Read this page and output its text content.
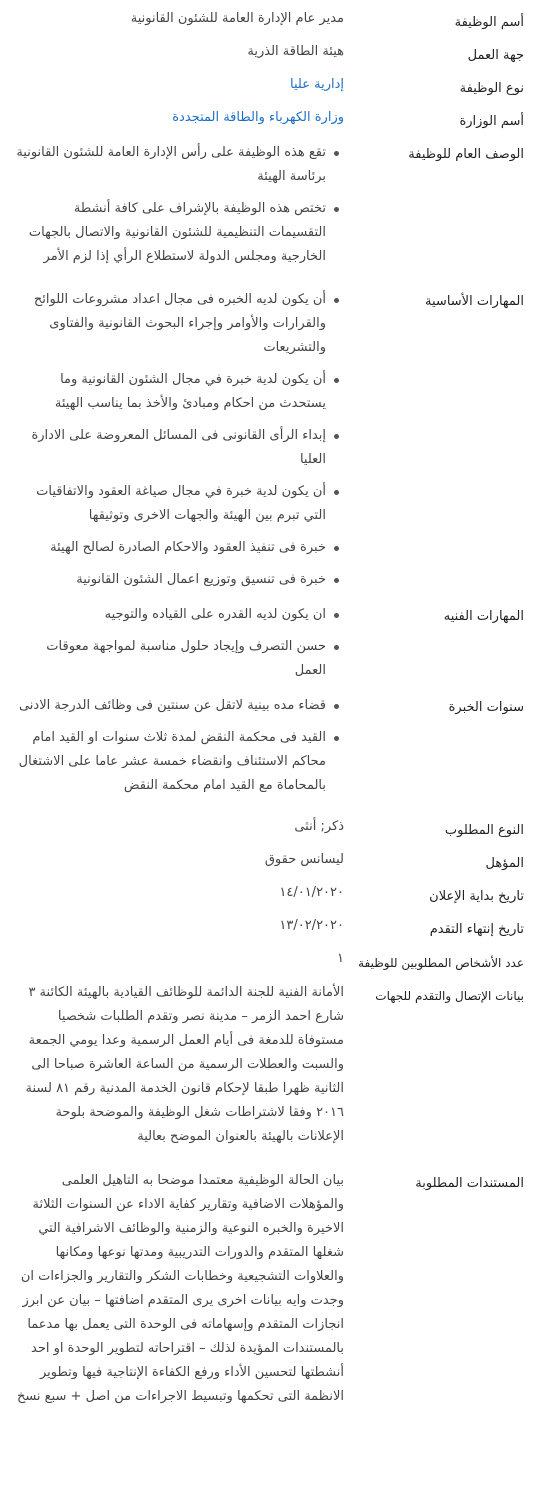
أسم الوظيفة
مدير عام الإدارة العامة للشئون القانونية
جهة العمل
هيئة الطاقة الذرية
نوع الوظيفة
إدارية عليا
أسم الوزارة
وزارة الكهرباء والطاقة المتجددة
الوصف العام للوظيفة
تقع هذه الوظيفة على رأس الإدارة العامة للشئون القانونية برئاسة الهيئة
تختص هذه الوظيفة بالإشراف على كافة أنشطة التقسيمات التنظيمية للشئون القانونية والاتصال بالجهات الخارجية ومجلس الدولة لاستطلاع الرأي إذا لزم الأمر
المهارات الأساسية
أن يكون لديه الخبره فى مجال اعداد مشروعات اللوائح والقرارات والأوامر وإجراء البحوث القانونية والفتاوى والتشريعات
أن يكون لدية خبرة في مجال الشئون القانونية وما يستحدث من احكام ومبادئ والأخذ بما يناسب الهيئة
إبداء الرأى القانونى فى المسائل المعروضة على الادارة العليا
أن يكون لدية خبرة في مجال صياغة العقود والاتفاقيات التي تبرم بين الهيئة والجهات الاخرى وتوثيقها
خبرة فى تنفيذ العقود والاحكام الصادرة لصالح الهيئة
خبرة فى تنسيق وتوزيع اعمال الشئون القانونية
المهارات الفنيه
ان يكون لديه القدره على القياده والتوجيه
حسن التصرف وإيجاد حلول مناسبة لمواجهة معوقات العمل
سنوات الخبرة
قضاء مده بينية لاتقل عن سنتين فى وظائف الدرجة الادنى
القيد فى محكمة النقض لمدة ثلاث سنوات او القيد امام محاكم الاستئناف وانقضاء خمسة عشر عاما على الاشتغال بالمحاماة مع القيد امام محكمة النقض
النوع المطلوب
ذكر; أنثى
المؤهل
ليسانس حقوق
تاريخ بداية الإعلان
١٤/٠١/٢٠٢٠
تاريخ إنتهاء التقدم
١٣/٠٢/٢٠٢٠
عدد الأشخاص المطلوبين للوظيفة
١
بيانات الإتصال والتقدم للجهات

الأمانة الفنية للجنة الدائمة للوظائف القيادية بالهيئة الكائنة ٣ شارع احمد الزمر – مدينة نصر وتقدم الطلبات شخصيا مستوفاة للدمغة فى أيام العمل الرسمية وعدا يومي الجمعة والسبت والعطلات الرسمية من الساعة العاشرة صباحا الى الثانية ظهرا طبقا لإحكام قانون الخدمة المدنية رقم ٨١ لسنة ٢٠١٦ وفقا لاشتراطات شغل الوظيفة والموضحة بلوحة الإعلانات بالهيئة بالعنوان الموضح بعالية

المستندات المطلوبة

بيان الحالة الوظيفية معتمدا موضحا به التاهيل العلمى والمؤهلات الاضافية وتقارير كفاية الاداء عن السنوات الثلاثة الاخيرة والخبره النوعية والزمنية والوظائف الاشرافية التي شغلها المتقدم والدورات التدريبية ومدتها نوعها ومكانها والعلاوات التشجيعية وخطابات الشكر والتقارير والجزاءات ان وجدت وايه بيانات اخرى يرى المتقدم اضافتها – بيان عن ابرز انجازات المتقدم وإسهاماته فى الوحدة التى يعمل بها مدعما بالمستندات المؤيدة لذلك – اقتراحاته لتطوير الوحدة او احد أنشطتها لتحسين الأداء ورفع الكفاءة الإنتاجية فيها وتطوير الانظمة التى تحكمها وتبسيط الاجراءات من اصل + سبع نسخ
